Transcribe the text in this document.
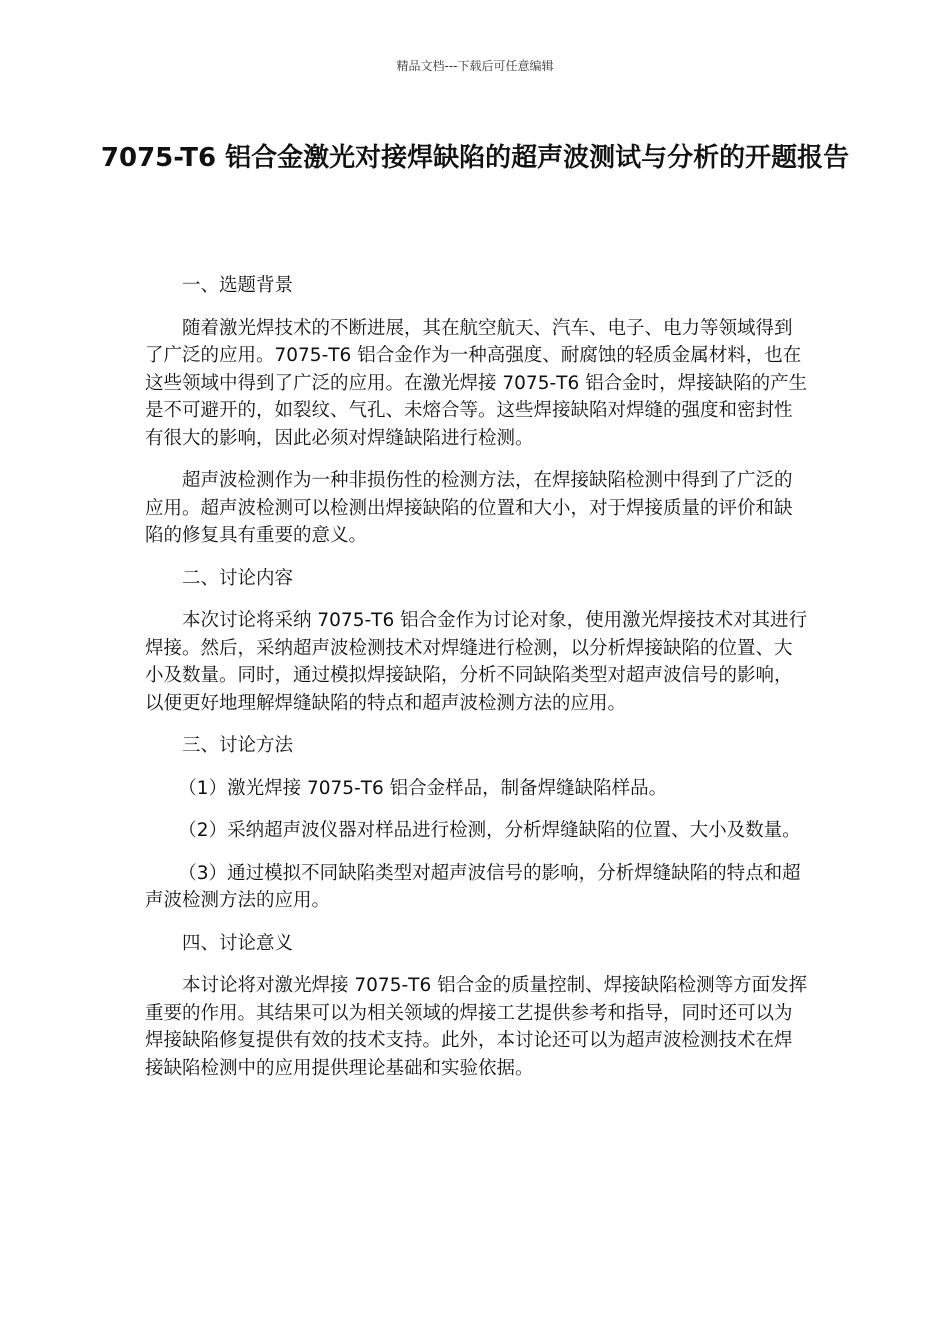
精品文档---下载后可任意编辑
7075-T6 铝合金激光对接焊缺陷的超声波测试与分析的开题报告

一、选题背景

随着激光焊技术的不断进展，其在航空航天、汽车、电子、电力等领域得到了广泛的应用。7075-T6 铝合金作为一种高强度、耐腐蚀的轻质金属材料，也在这些领域中得到了广泛的应用。在激光焊接 7075-T6 铝合金时，焊接缺陷的产生是不可避开的，如裂纹、气孔、未熔合等。这些焊接缺陷对焊缝的强度和密封性有很大的影响，因此必须对焊缝缺陷进行检测。

超声波检测作为一种非损伤性的检测方法，在焊接缺陷检测中得到了广泛的应用。超声波检测可以检测出焊接缺陷的位置和大小，对于焊接质量的评价和缺陷的修复具有重要的意义。

二、讨论内容

本次讨论将采纳 7075-T6 铝合金作为讨论对象，使用激光焊接技术对其进行焊接。然后，采纳超声波检测技术对焊缝进行检测，以分析焊接缺陷的位置、大小及数量。同时，通过模拟焊接缺陷，分析不同缺陷类型对超声波信号的影响，以便更好地理解焊缝缺陷的特点和超声波检测方法的应用。

三、讨论方法

（1）激光焊接 7075-T6 铝合金样品，制备焊缝缺陷样品。

（2）采纳超声波仪器对样品进行检测，分析焊缝缺陷的位置、大小及数量。

（3）通过模拟不同缺陷类型对超声波信号的影响，分析焊缝缺陷的特点和超声波检测方法的应用。

四、讨论意义

本讨论将对激光焊接 7075-T6 铝合金的质量控制、焊接缺陷检测等方面发挥重要的作用。其结果可以为相关领域的焊接工艺提供参考和指导，同时还可以为焊接缺陷修复提供有效的技术支持。此外，本讨论还可以为超声波检测技术在焊接缺陷检测中的应用提供理论基础和实验依据。
